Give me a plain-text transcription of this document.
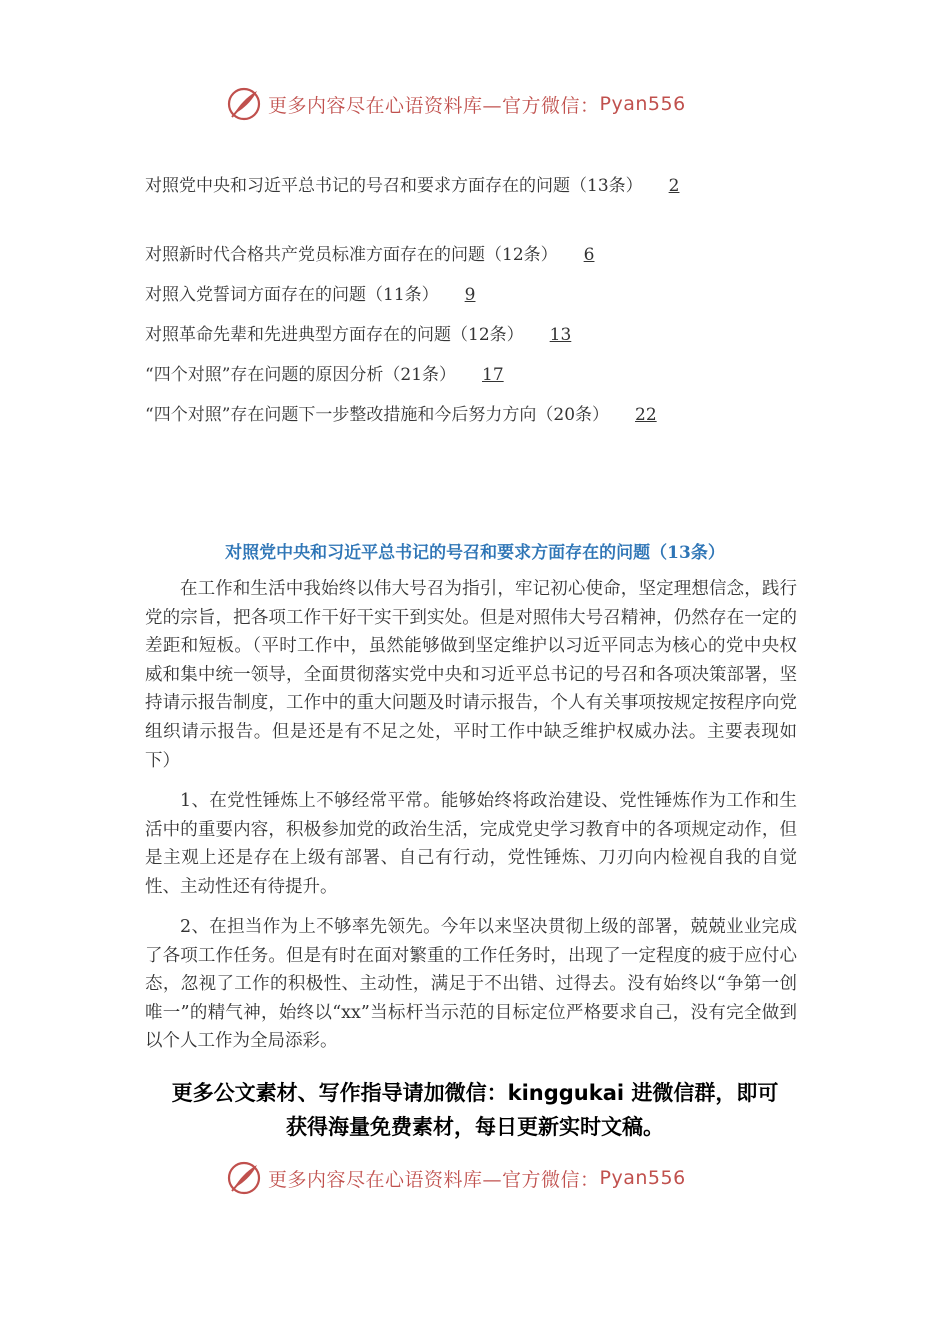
更多内容尽在心语资料库—官方微信： Pyan556
对照党中央和习近平总书记的号召和要求方面存在的问题（13条） 2
对照新时代合格共产党员标准方面存在的问题（12条） 6
对照入党誓词方面存在的问题（11条） 9
对照革命先辈和先进典型方面存在的问题（12条） 13
“四个对照”存在问题的原因分析（21条） 17
“四个对照”存在问题下一步整改措施和今后努力方向（20条） 22
对照党中央和习近平总书记的号召和要求方面存在的问题（13条）

在工作和生活中我始终以伟大号召为指引，牢记初心使命，坚定理想信念，践行党的宗旨，把各项工作干好干实干到实处。但是对照伟大号召精神，仍然存在一定的差距和短板。（平时工作中，虽然能够做到坚定维护以习近平同志为核心的党中央权威和集中统一领导，全面贯彻落实党中央和习近平总书记的号召和各项决策部署，坚持请示报告制度，工作中的重大问题及时请示报告，个人有关事项按规定按程序向党组织请示报告。但是还是有不足之处，平时工作中缺乏维护权威办法。主要表现如下）

1、在党性锤炼上不够经常平常。能够始终将政治建设、党性锤炼作为工作和生活中的重要内容，积极参加党的政治生活，完成党史学习教育中的各项规定动作，但是主观上还是存在上级有部署、自己有行动，党性锤炼、刀刃向内检视自我的自觉性、主动性还有待提升。

2、在担当作为上不够率先领先。今年以来坚决贯彻上级的部署，兢兢业业完成了各项工作任务。但是有时在面对繁重的工作任务时，出现了一定程度的疲于应付心态，忽视了工作的积极性、主动性，满足于不出错、过得去。没有始终以“争第一创唯一”的精气神，始终以“xx”当标杆当示范的目标定位严格要求自己，没有完全做到以个人工作为全局添彩。

更多公文素材、写作指导请加微信：kinggukai 进微信群，即可
获得海量免费素材，每日更新实时文稿。
更多内容尽在心语资料库—官方微信： Pyan556
